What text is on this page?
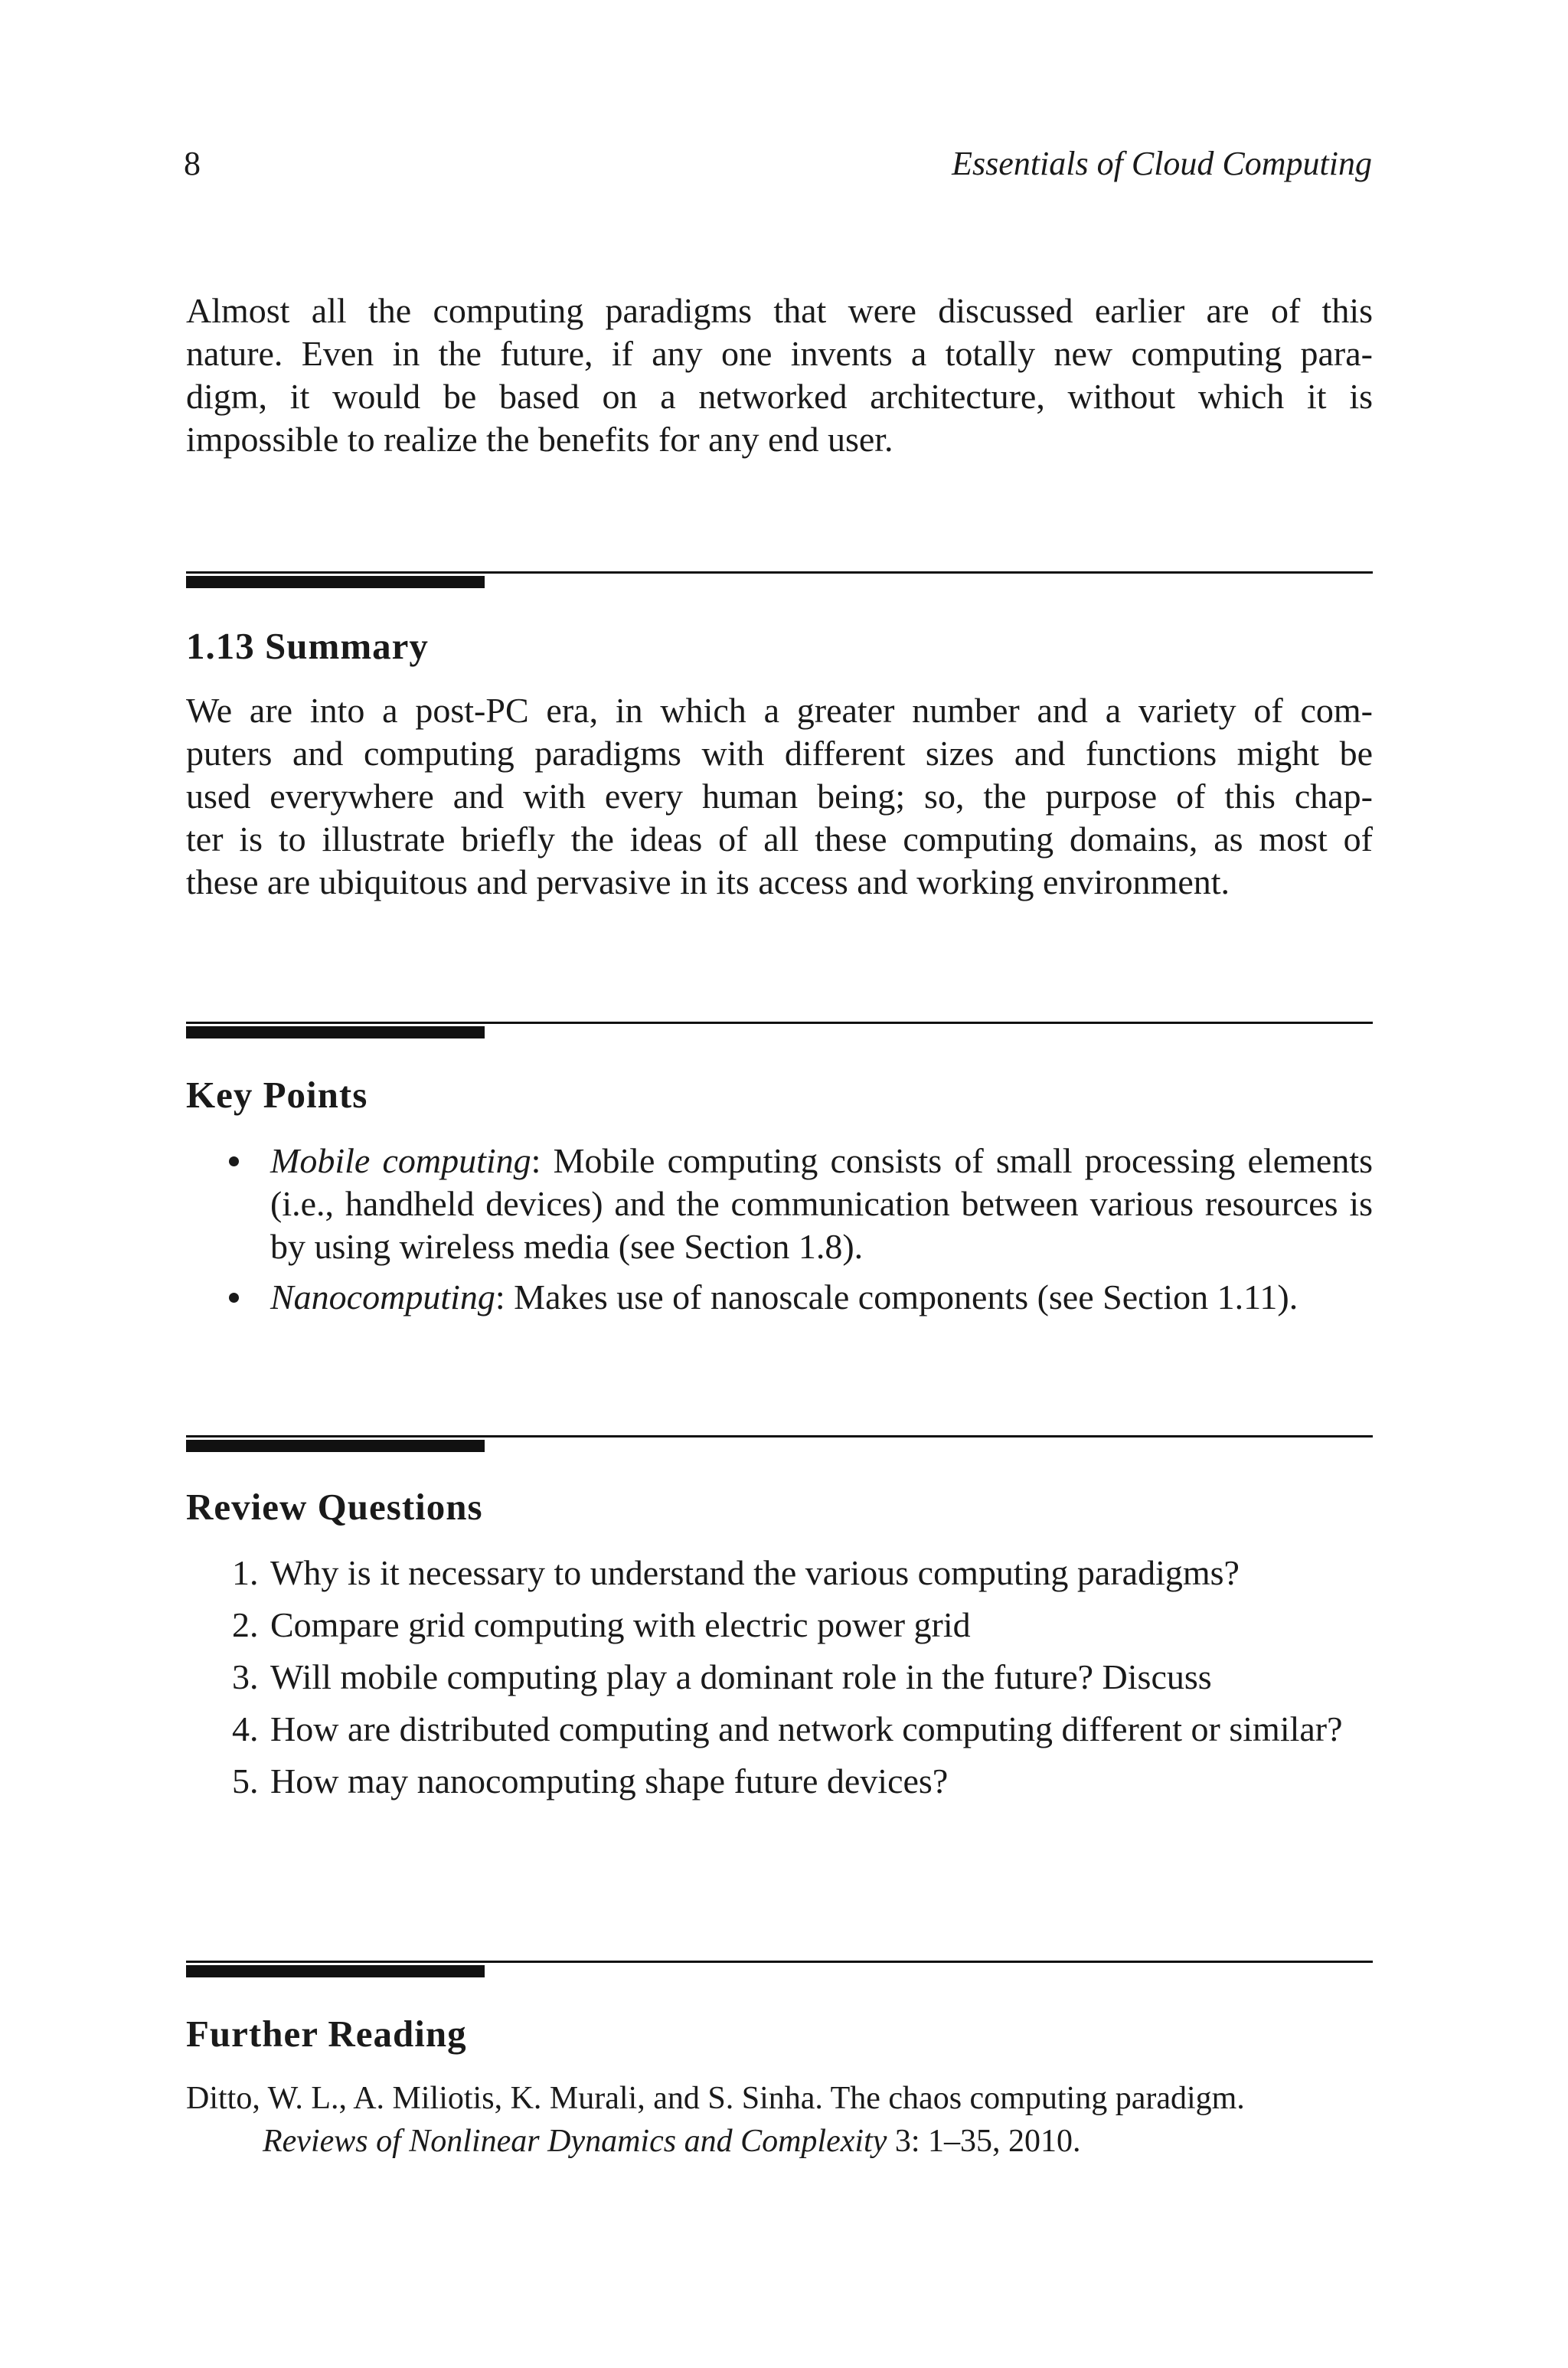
8	Essentials of Cloud Computing
Almost all the computing paradigms that were discussed earlier are of this
nature. Even in the future, if any one invents a totally new computing para-
digm, it would be based on a networked architecture, without which it is
impossible to realize the benefits for any end user.
1.13 Summary
We are into a post-PC era, in which a greater number and a variety of com-
puters and computing paradigms with different sizes and functions might be
used everywhere and with every human being; so, the purpose of this chap-
ter is to illustrate briefly the ideas of all these computing domains, as most of
these are ubiquitous and pervasive in its access and working environment.
Key Points
Mobile computing: Mobile computing consists of small processing elements (i.e., handheld devices) and the communication between various resources is by using wireless media (see Section 1.8).
Nanocomputing: Makes use of nanoscale components (see Section 1.11).
Review Questions
1. Why is it necessary to understand the various computing paradigms?
2. Compare grid computing with electric power grid
3. Will mobile computing play a dominant role in the future? Discuss
4. How are distributed computing and network computing different or similar?
5. How may nanocomputing shape future devices?
Further Reading
Ditto, W. L., A. Miliotis, K. Murali, and S. Sinha. The chaos computing paradigm.
Reviews of Nonlinear Dynamics and Complexity 3: 1–35, 2010.
